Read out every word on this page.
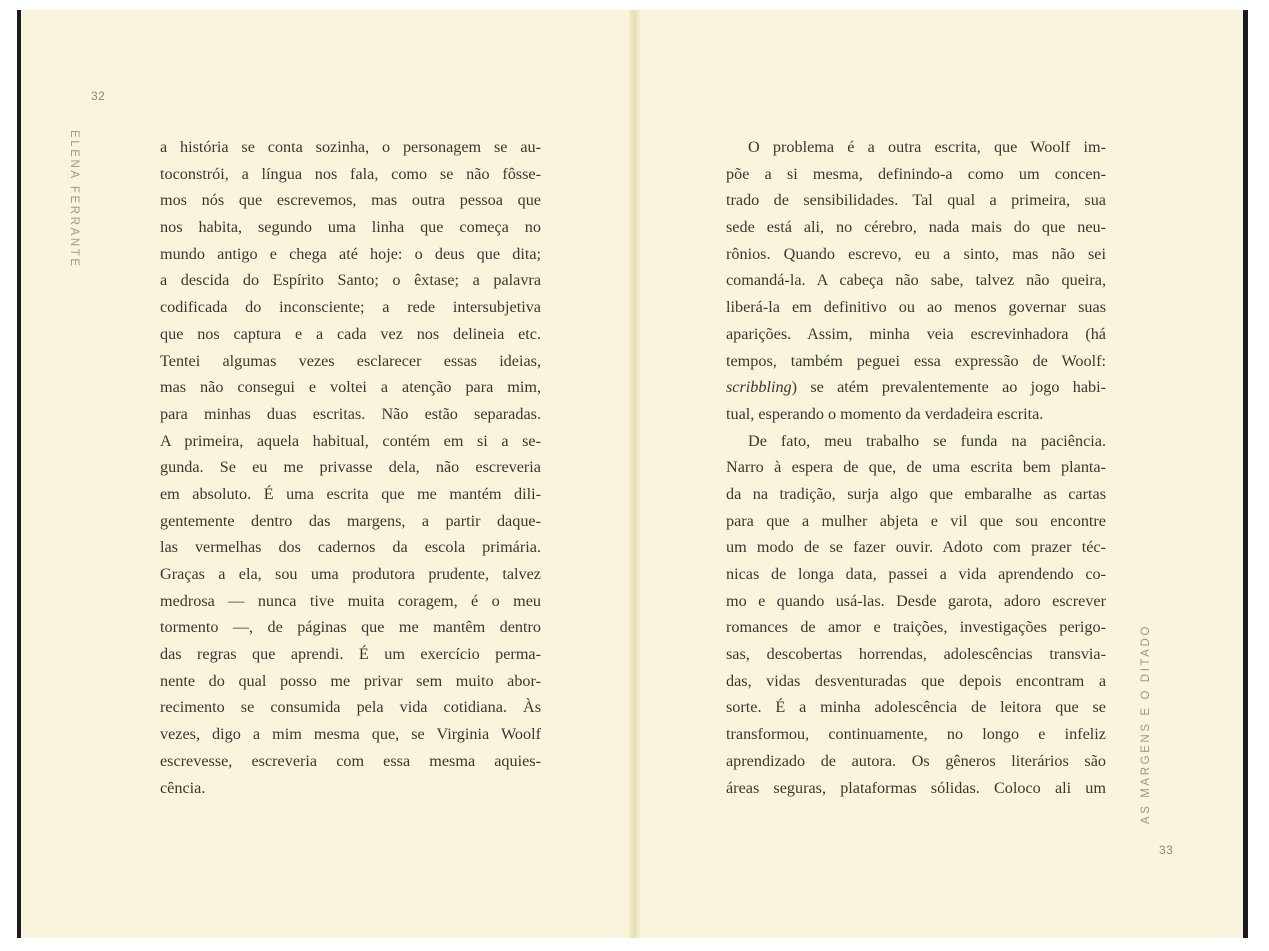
32
ELENA FERRANTE	a história se conta sozinha, o personagem se au-
toconstrói, a língua nos fala, como se não fôsse-
mos nós que escrevemos, mas outra pessoa que
nos habita, segundo uma linha que começa no
mundo antigo e chega até hoje: o deus que dita;
a descida do Espírito Santo; o êxtase; a palavra
codificada do inconsciente; a rede intersubjetiva
que nos captura e a cada vez nos delineia etc.
Tentei algumas vezes esclarecer essas ideias,
mas não consegui e voltei a atenção para mim,
para minhas duas escritas. Não estão separadas.
A primeira, aquela habitual, contém em si a se-
gunda. Se eu me privasse dela, não escreveria
em absoluto. É uma escrita que me mantém dili-
gentemente dentro das margens, a partir daque-
las vermelhas dos cadernos da escola primária.
Graças a ela, sou uma produtora prudente, talvez
medrosa — nunca tive muita coragem, é o meu
tormento —, de páginas que me mantêm dentro
das regras que aprendi. É um exercício perma-
nente do qual posso me privar sem muito abor-
recimento se consumida pela vida cotidiana. Às
vezes, digo a mim mesma que, se Virginia Woolf
escrevesse, escreveria com essa mesma aquies-
cência.
33
AS MARGENS E O DITADO
O problema é a outra escrita, que Woolf im-
põe a si mesma, definindo-a como um concen-
trado de sensibilidades. Tal qual a primeira, sua
sede está ali, no cérebro, nada mais do que neu-
rônios. Quando escrevo, eu a sinto, mas não sei
comandá-la. A cabeça não sabe, talvez não queira,
liberá-la em definitivo ou ao menos governar suas
aparições. Assim, minha veia escrevinhadora (há
tempos, também peguei essa expressão de Woolf:
scribbling) se atém prevalentemente ao jogo habi-
tual, esperando o momento da verdadeira escrita.
De fato, meu trabalho se funda na paciência.
Narro à espera de que, de uma escrita bem planta-
da na tradição, surja algo que embaralhe as cartas
para que a mulher abjeta e vil que sou encontre
um modo de se fazer ouvir. Adoto com prazer téc-
nicas de longa data, passei a vida aprendendo co-
mo e quando usá-las. Desde garota, adoro escrever
romances de amor e traições, investigações perigo-
sas, descobertas horrendas, adolescências transvia-
das, vidas desventuradas que depois encontram a
sorte. É a minha adolescência de leitora que se
transformou, continuamente, no longo e infeliz
aprendizado de autora. Os gêneros literários são
áreas seguras, plataformas sólidas. Coloco ali um
